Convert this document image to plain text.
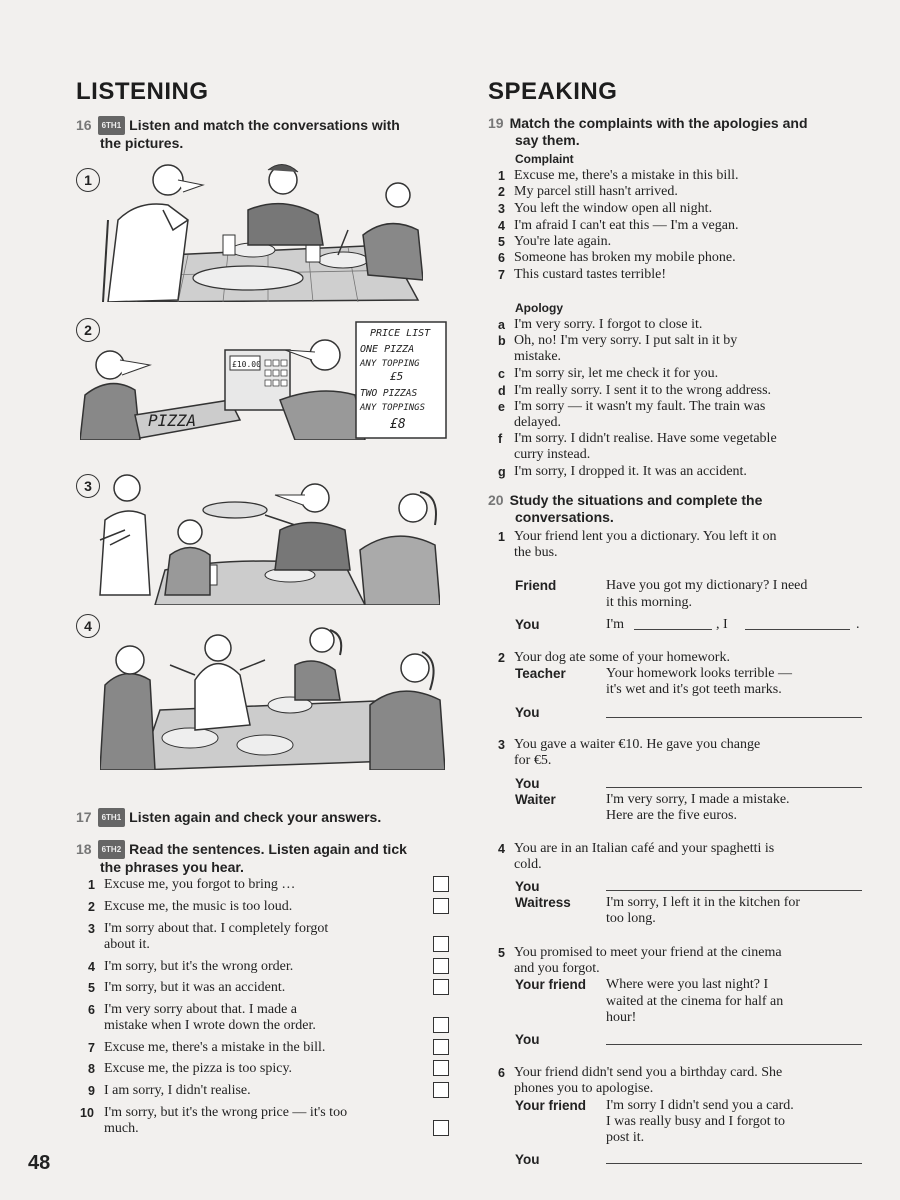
LISTENING
16 6TH1 Listen and match the conversations with
the pictures.
1
PIZZA
£10.00
PRICE LIST
ONE PIZZA
ANY TOPPING
£5
TWO PIZZAS
ANY TOPPINGS
£8
2
3
4
17 6TH1 Listen again and check your answers.
18 6TH2 Read the sentences. Listen again and tick
the phrases you hear.
1 Excuse me, you forgot to bring …
2 Excuse me, the music is too loud.
3 I'm sorry about that. I completely forgot
about it.
4 I'm sorry, but it's the wrong order.
5 I'm sorry, but it was an accident.
6 I'm very sorry about that. I made a
mistake when I wrote down the order.
7 Excuse me, there's a mistake in the bill.
8 Excuse me, the pizza is too spicy.
9 I am sorry, I didn't realise.
10 I'm sorry, but it's the wrong price — it's too
much.
48
SPEAKING
19 Match the complaints with the apologies and
say them.
Complaint
1 Excuse me, there's a mistake in this bill.
2 My parcel still hasn't arrived.
3 You left the window open all night.
4 I'm afraid I can't eat this — I'm a vegan.
5 You're late again.
6 Someone has broken my mobile phone.
7 This custard tastes terrible!
Apology
a I'm very sorry. I forgot to close it.
b Oh, no! I'm very sorry. I put salt in it by
mistake.
c I'm sorry sir, let me check it for you.
d I'm really sorry. I sent it to the wrong address.
e I'm sorry — it wasn't my fault. The train was
delayed.
f I'm sorry. I didn't realise. Have some vegetable
curry instead.
g I'm sorry, I dropped it. It was an accident.
20 Study the situations and complete the
conversations.
1 Your friend lent you a dictionary. You left it on
the bus.
Friend	Have you got my dictionary? I need
it this morning.
You	I'm	, I	.
2 Your dog ate some of your homework.
Teacher	Your homework looks terrible —
it's wet and it's got teeth marks.
You
3 You gave a waiter €10. He gave you change
for €5.
You
Waiter	I'm very sorry, I made a mistake.
Here are the five euros.
4 You are in an Italian café and your spaghetti is
cold.
You
Waitress	I'm sorry, I left it in the kitchen for
too long.
5 You promised to meet your friend at the cinema
and you forgot.
Your friend Where were you last night? I
waited at the cinema for half an
hour!
You
6 Your friend didn't send you a birthday card. She
phones you to apologise.
Your friend I'm sorry I didn't send you a card.
I was really busy and I forgot to
post it.
You
